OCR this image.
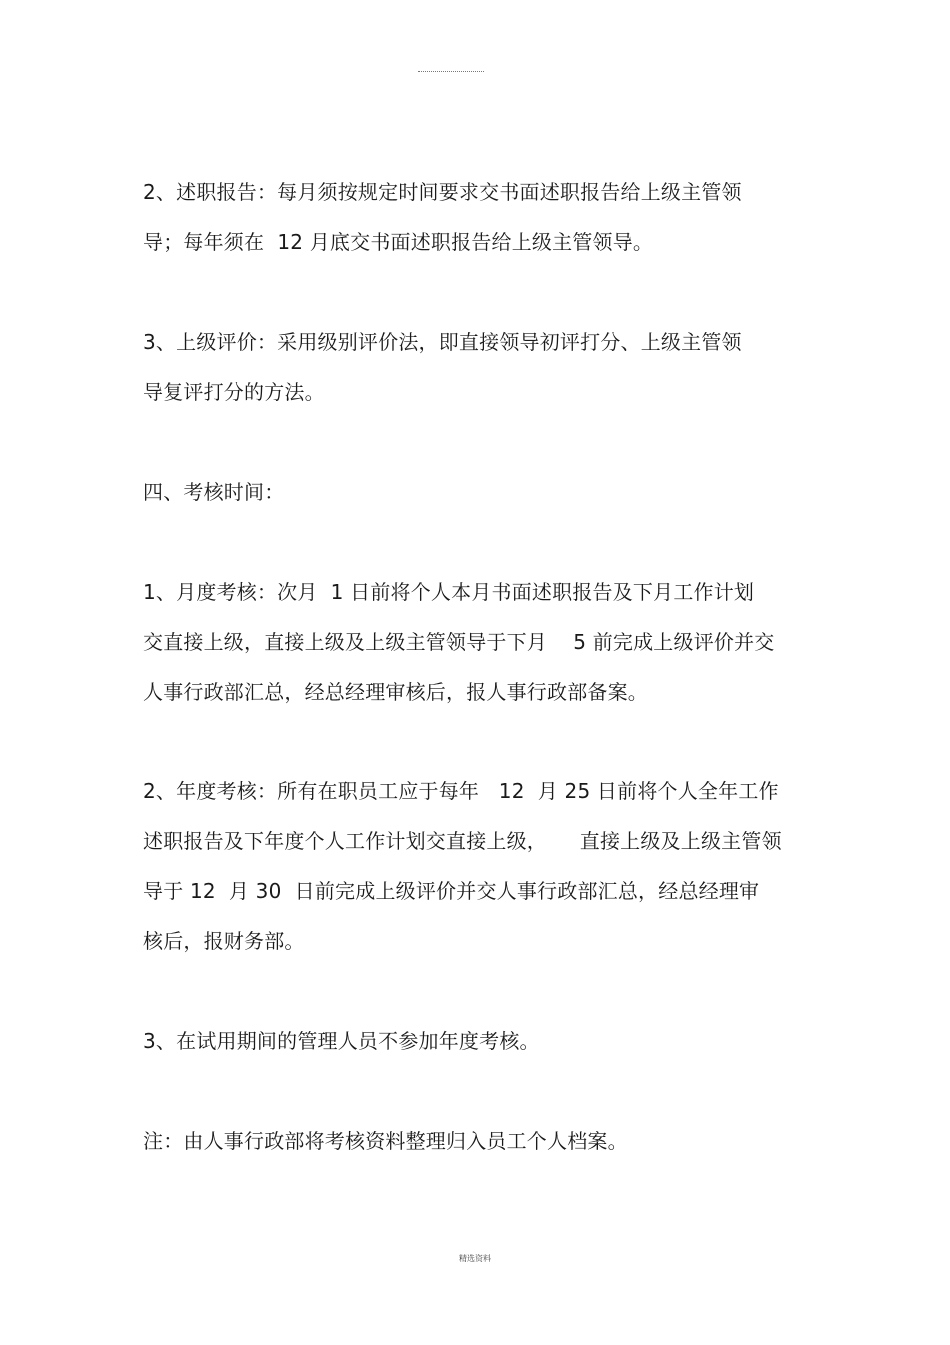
2、述职报告：每月须按规定时间要求交书面述职报告给上级主管领

导；每年须在  12 月底交书面述职报告给上级主管领导。

3、上级评价：采用级别评价法，即直接领导初评打分、上级主管领

导复评打分的方法。

四、考核时间：

1、月度考核：次月  1 日前将个人本月书面述职报告及下月工作计划

交直接上级，直接上级及上级主管领导于下月    5 前完成上级评价并交

人事行政部汇总，经总经理审核后，报人事行政部备案。

2、年度考核：所有在职员工应于每年   12  月 25 日前将个人全年工作

述职报告及下年度个人工作计划交直接上级，     直接上级及上级主管领

导于 12  月 30  日前完成上级评价并交人事行政部汇总，经总经理审

核后，报财务部。

3、在试用期间的管理人员不参加年度考核。

注：由人事行政部将考核资料整理归入员工个人档案。

精选资料
